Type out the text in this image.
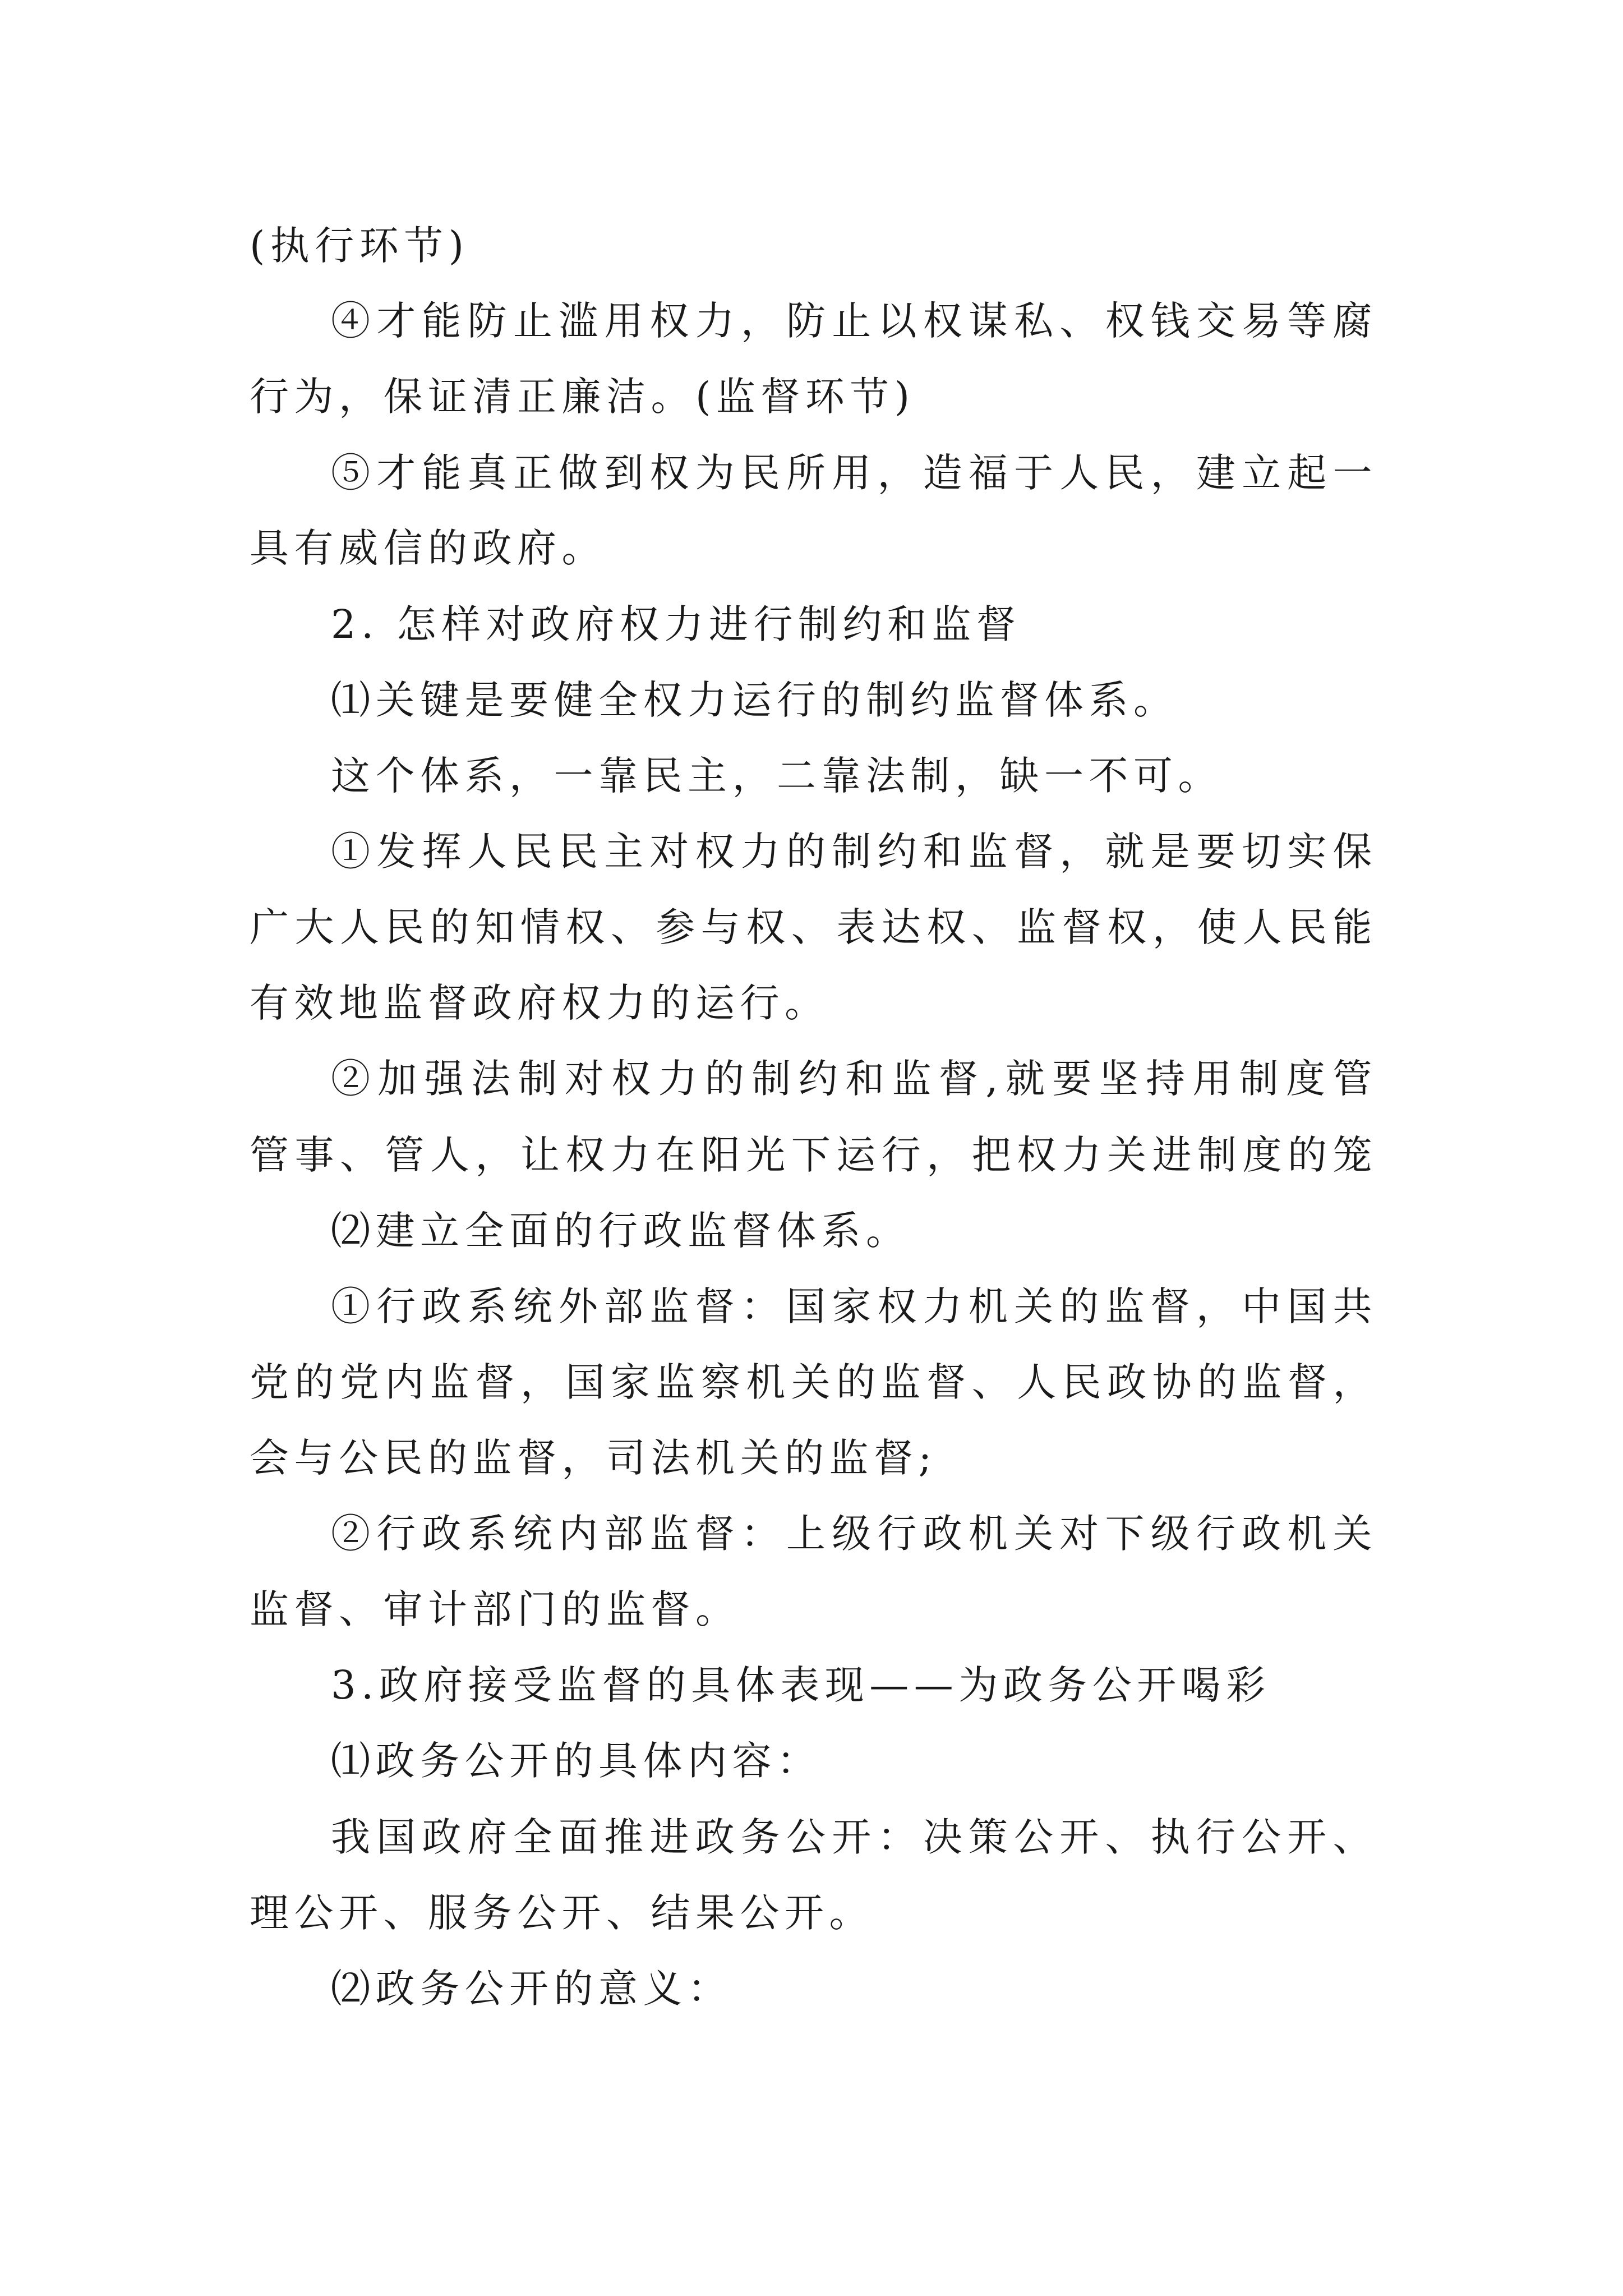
(执行环节)
④才能防止滥用权力，防止以权谋私、权钱交易等腐
行为，保证清正廉洁。(监督环节)
⑤才能真正做到权为民所用，造福于人民，建立起一
具有威信的政府。
2. 怎样对政府权力进行制约和监督
⑴关键是要健全权力运行的制约监督体系。
这个体系，一靠民主，二靠法制，缺一不可。
①发挥人民民主对权力的制约和监督，就是要切实保
广大人民的知情权、参与权、表达权、监督权，使人民能
有效地监督政府权力的运行。
②加强法制对权力的制约和监督,就要坚持用制度管
管事、管人，让权力在阳光下运行，把权力关进制度的笼
⑵建立全面的行政监督体系。
①行政系统外部监督：国家权力机关的监督，中国共
党的党内监督，国家监察机关的监督、人民政协的监督，
会与公民的监督，司法机关的监督;
②行政系统内部监督：上级行政机关对下级行政机关
监督、审计部门的监督。
3.政府接受监督的具体表现——为政务公开喝彩
⑴政务公开的具体内容：
我国政府全面推进政务公开：决策公开、执行公开、
理公开、服务公开、结果公开。
⑵政务公开的意义：
